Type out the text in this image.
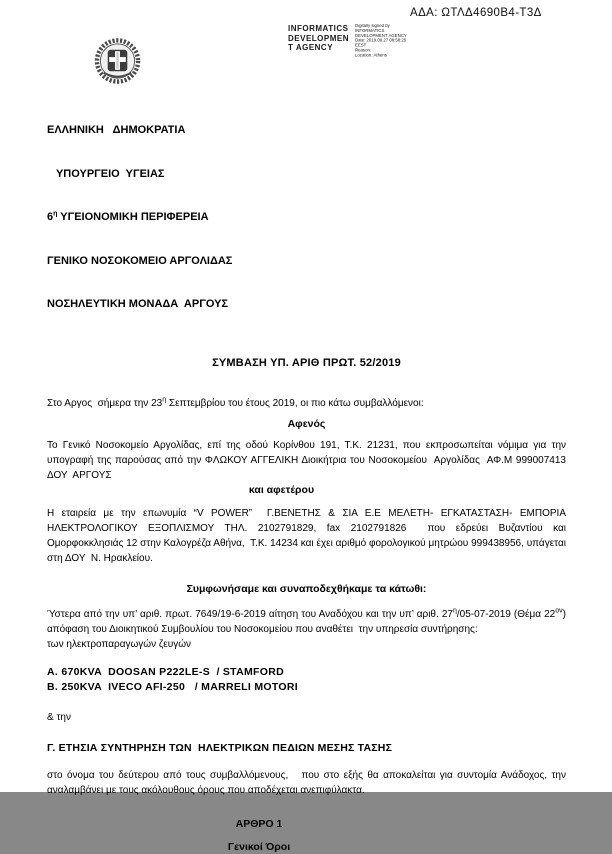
ΑΔΑ: ΩΤΛΔ4690Β4-Τ3Δ
INFORMATICS
DEVELOPMEN
T AGENCY
Digitally signed by
INFORMATICS
DEVELOPMENT AGENCY
Date: 2019.09.27 08:58:25
EEST
Reason:
Location: Athens

ΕΛΛΗΝΙΚΗ   ΔΗΜΟΚΡΑΤΙΑ

ΥΠΟΥΡΓΕΙΟ  ΥΓΕΙΑΣ

$6^\eta$ ΥΓΕΙΟΝΟΜΙΚΗ ΠΕΡΙΦΕΡΕΙΑ

ΓΕΝΙΚΟ ΝΟΣΟΚΟΜΕΙΟ ΑΡΓΟΛΙΔΑΣ

ΝΟΣΗΛΕΥΤΙΚΗ ΜΟΝΑΔΑ  ΑΡΓΟΥΣ

ΣΥΜΒΑΣΗ ΥΠ. ΑΡΙΘ ΠΡΩΤ. 52/2019
Στο Αργος  σήμερα την $23^\eta$ Σεπτεμβρίου του έτους 2019, οι πιο κάτω συμβαλλόμενοι:
Αφενός

Το Γενικό Νοσοκομείο Αργολίδας, επί της οδού Κορίνθου 191, Τ.Κ. 21231, που εκπροσωπείται νόμιμα για την υπογραφή της παρούσας από την ΦΛΩΚΟΥ ΑΓΓΕΛΙΚΗ Διοικήτρια του Νοσοκομείου  Αργολίδας  ΑΦ.Μ 999007413 ΔΟΥ  ΑΡΓΟΥΣ

και αφετέρου

Η εταιρεία με την επωνυμία “V POWER”  Γ.ΒΕΝΕΤΗΣ & ΣΙΑ Ε.Ε ΜΕΛΕΤΗ- ΕΓΚΑΤΑΣΤΑΣΗ- ΕΜΠΟΡΙΑ ΗΛΕΚΤΡΟΛΟΓΙΚΟΥ ΕΞΟΠΛΙΣΜΟΥ ΤΗΛ. 2102791829, fax 2102791826  που εδρεύει Βυζαντίου και Ομορφοκκλησιάς 12 στην Καλογρέζα Αθήνα,  Τ.Κ. 14234 και έχει αριθμό φορολογικού μητρώου 999438956, υπάγεται στη ΔΟΥ  Ν. Ηρακλείου.

Συμφωνήσαμε και συναποδεχθήκαμε τα κάτωθι:

Ύστερα από την υπ’ αριθ. πρωτ. 7649/19-6-2019 αίτηση του Αναδόχου και την υπ’ αριθ. $27^\eta/05-07-2019$ (Θέμα $22^{o\nu}$) απόφαση του Διοικητικού Συμβουλίου του Νοσοκομείου που αναθέτει  την υπηρεσία συντήρησης:

των ηλεκτροπαραγωγών ζευγών
Α. 670KVA  DOOSAN P222LE-S  / STAMFORD
Β. 250KVA  IVECO AFI-250   / MARRELI MOTORI
& την
Γ. ΕΤΗΣΙΑ ΣΥΝΤΗΡΗΣΗ ΤΩΝ  ΗΛΕΚΤΡΙΚΩΝ ΠΕΔΙΩΝ ΜΕΣΗΣ ΤΑΣΗΣ

στο όνομα του δεύτερου από τους συμβαλλόμενους,   που στο εξής θα αποκαλείται για συντομία Ανάδοχος, την αναλαμβάνει με τους ακόλουθους όρους που αποδέχεται ανεπιφύλακτα.

ΑΡΘΡΟ 1
Γενικοί Όροι
